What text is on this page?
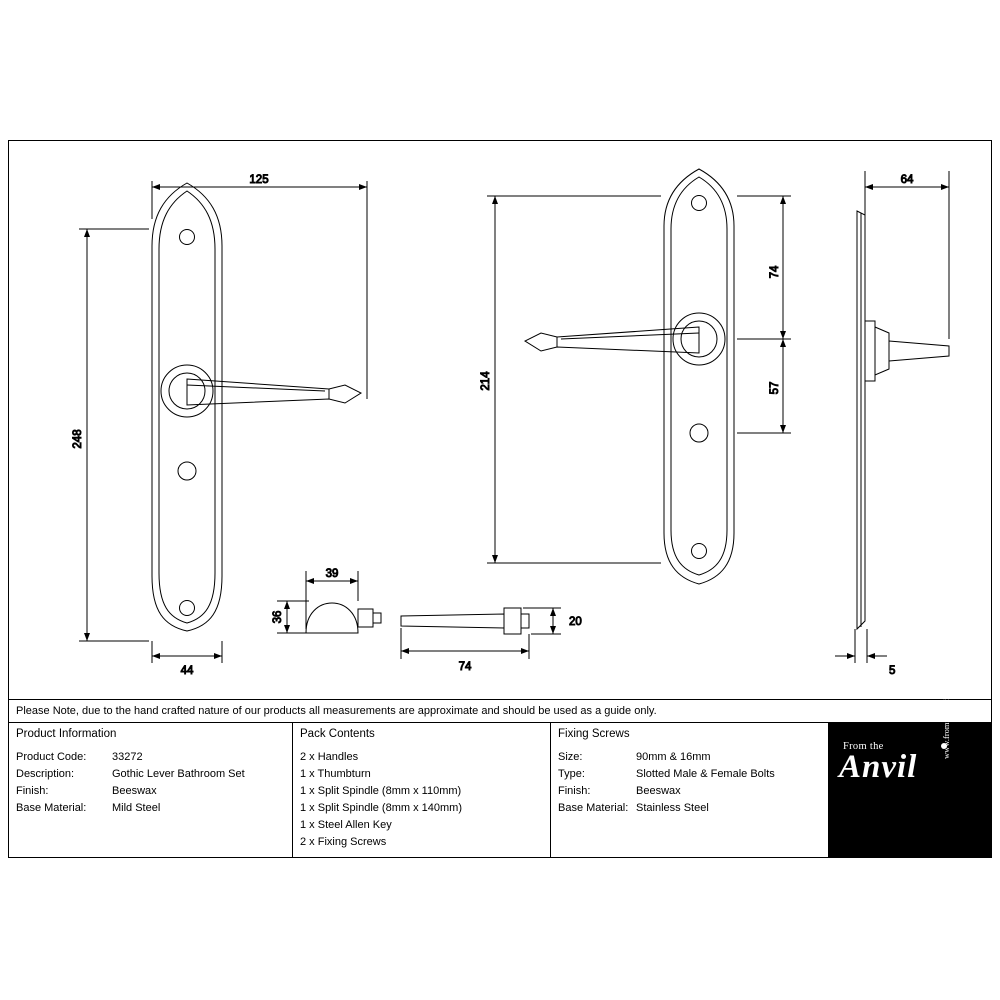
125
248
44
214
74
57
64
5
39
36
74
20
Please Note, due to the hand crafted nature of our products all measurements are approximate and should be used as a guide only.
Product Information
Product Code:	33272
Description:	Gothic Lever Bathroom Set
Finish:	Beeswax
Base Material:	Mild Steel
Pack Contents
2 x Handles
1 x Thumbturn
1 x Split Spindle (8mm x 110mm)
1 x Split Spindle (8mm x 140mm)
1 x Steel Allen Key
2 x Fixing Screws
Fixing Screws
Size:	90mm & 16mm
Type:	Slotted Male & Female Bolts
Finish:	Beeswax
Base Material: Stainless Steel
From the
Anvil
www.fromtheanvil.co.uk
